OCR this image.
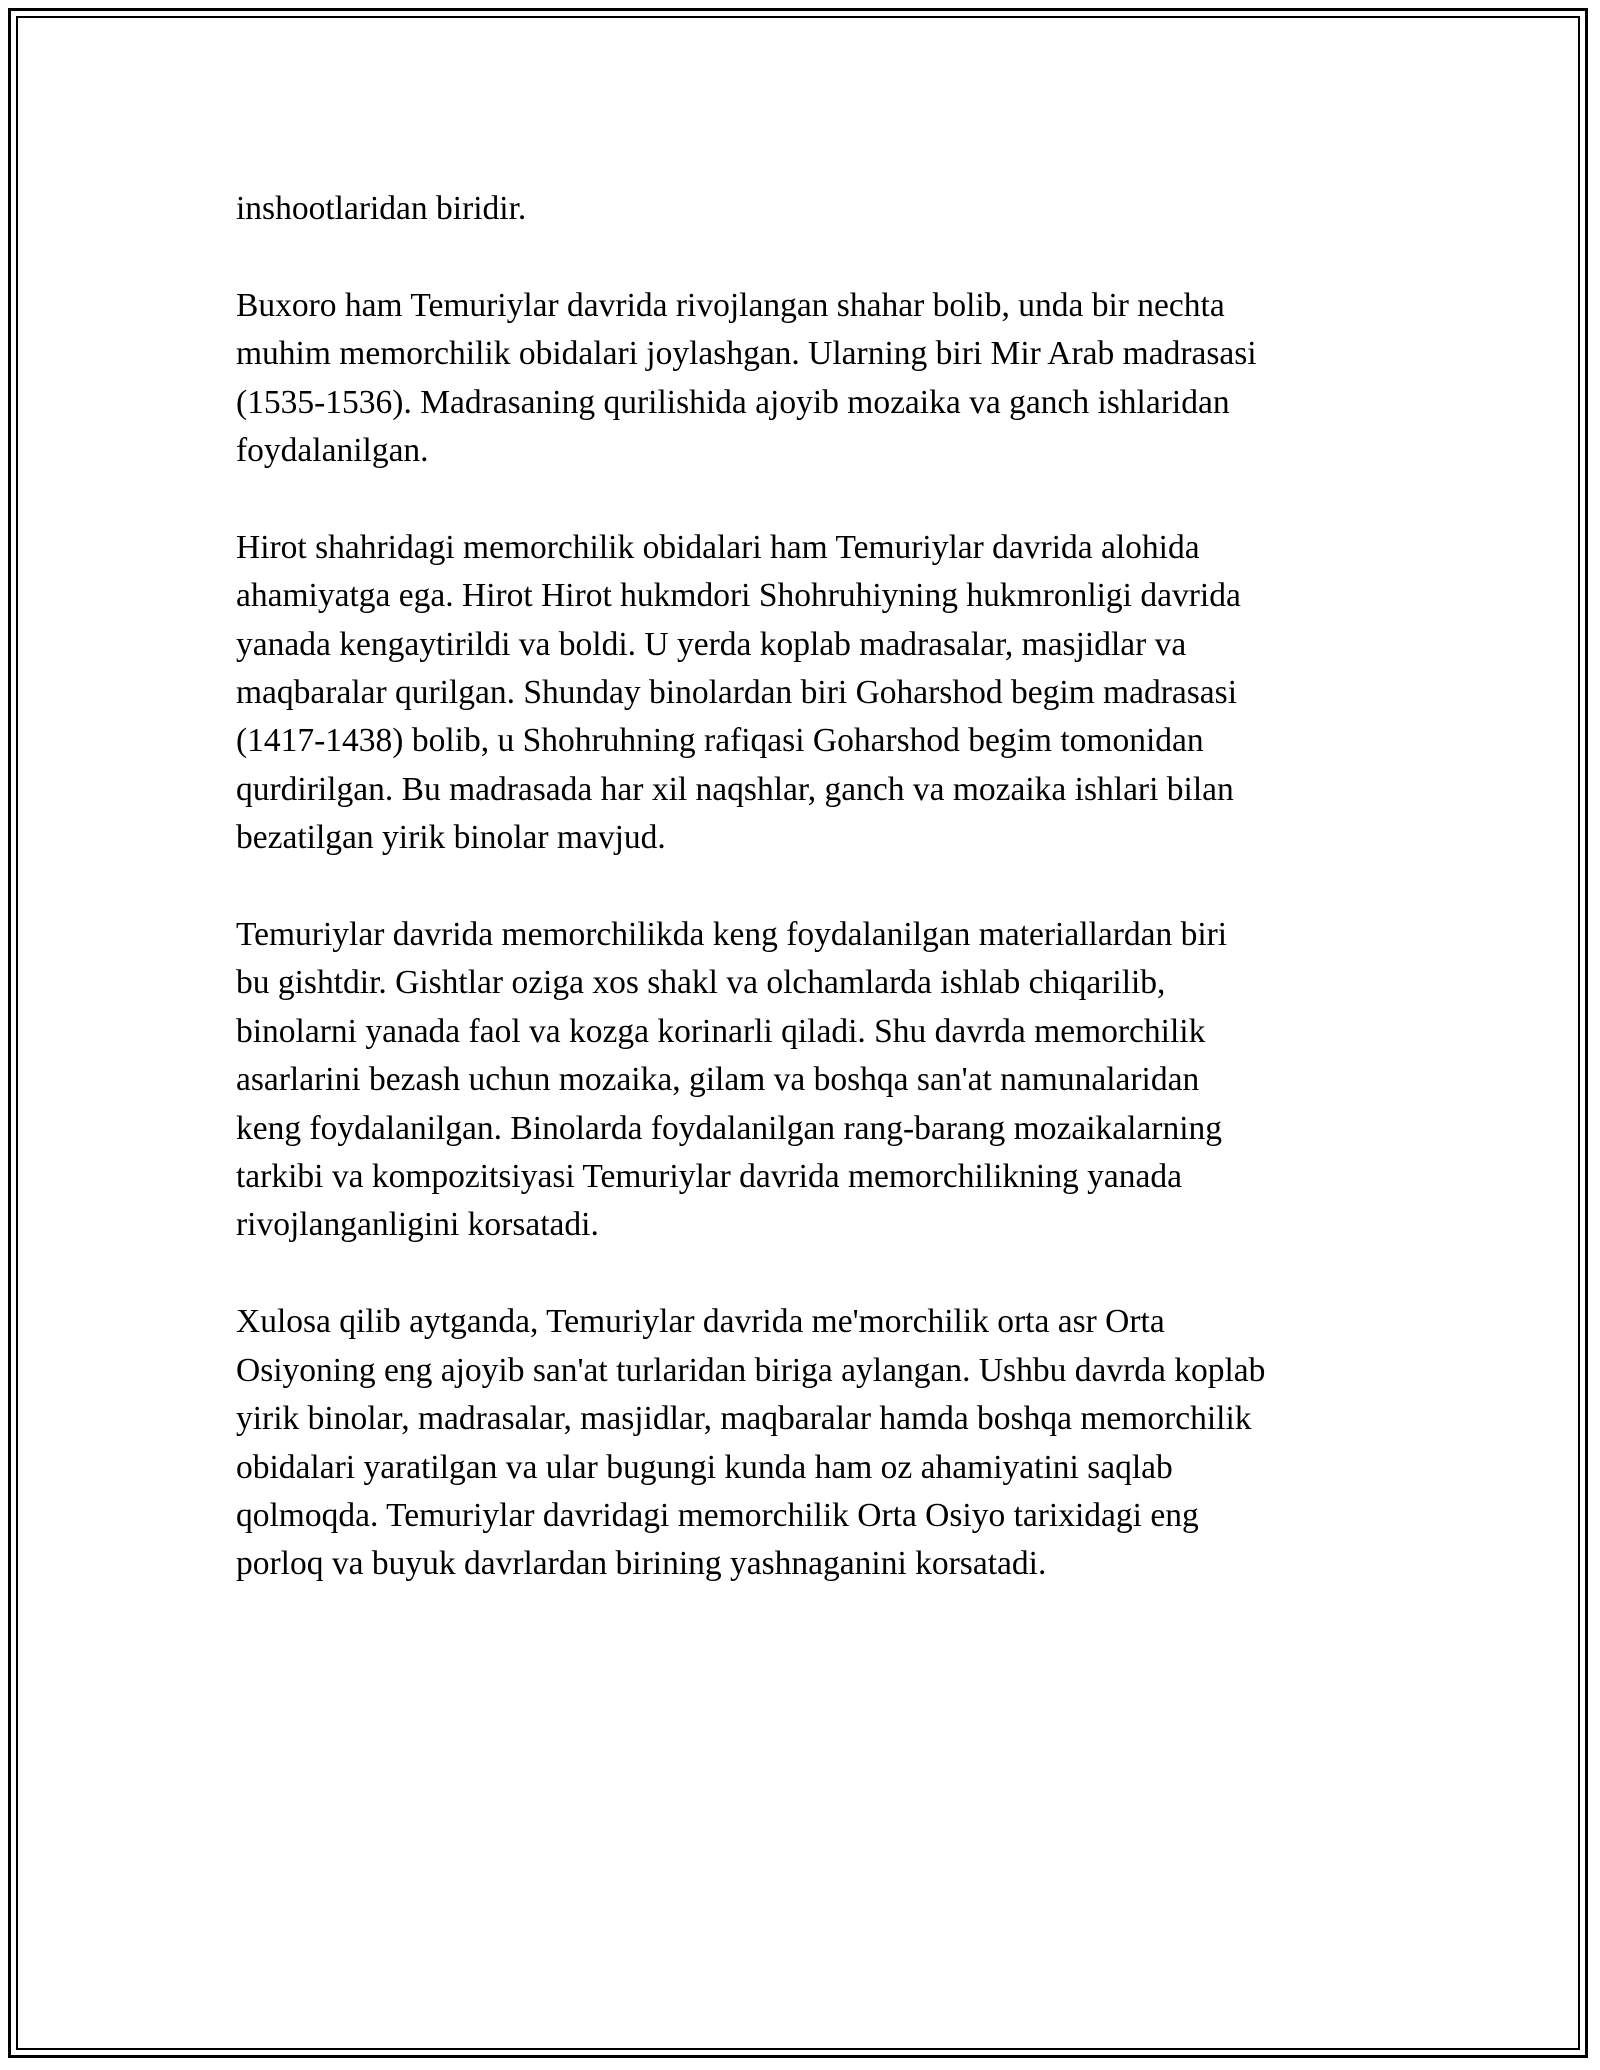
inshootlaridan biridir.

Buxoro ham Temuriylar davrida rivojlangan shahar bolib, unda bir nechta
muhim memorchilik obidalari joylashgan. Ularning biri Mir Arab madrasasi
(1535-1536). Madrasaning qurilishida ajoyib mozaika va ganch ishlaridan
foydalanilgan.

Hirot shahridagi memorchilik obidalari ham Temuriylar davrida alohida
ahamiyatga ega. Hirot Hirot hukmdori Shohruhiyning hukmronligi davrida
yanada kengaytirildi va boldi. U yerda koplab madrasalar, masjidlar va
maqbaralar qurilgan. Shunday binolardan biri Goharshod begim madrasasi
(1417-1438) bolib, u Shohruhning rafiqasi Goharshod begim tomonidan
qurdirilgan. Bu madrasada har xil naqshlar, ganch va mozaika ishlari bilan
bezatilgan yirik binolar mavjud.

Temuriylar davrida memorchilikda keng foydalanilgan materiallardan biri
bu gishtdir. Gishtlar oziga xos shakl va olchamlarda ishlab chiqarilib,
binolarni yanada faol va kozga korinarli qiladi. Shu davrda memorchilik
asarlarini bezash uchun mozaika, gilam va boshqa san'at namunalaridan
keng foydalanilgan. Binolarda foydalanilgan rang-barang mozaikalarning
tarkibi va kompozitsiyasi Temuriylar davrida memorchilikning yanada
rivojlanganligini korsatadi.

Xulosa qilib aytganda, Temuriylar davrida me'morchilik orta asr Orta
Osiyoning eng ajoyib san'at turlaridan biriga aylangan. Ushbu davrda koplab
yirik binolar, madrasalar, masjidlar, maqbaralar hamda boshqa memorchilik
obidalari yaratilgan va ular bugungi kunda ham oz ahamiyatini saqlab
qolmoqda. Temuriylar davridagi memorchilik Orta Osiyo tarixidagi eng
porloq va buyuk davrlardan birining yashnaganini korsatadi.
